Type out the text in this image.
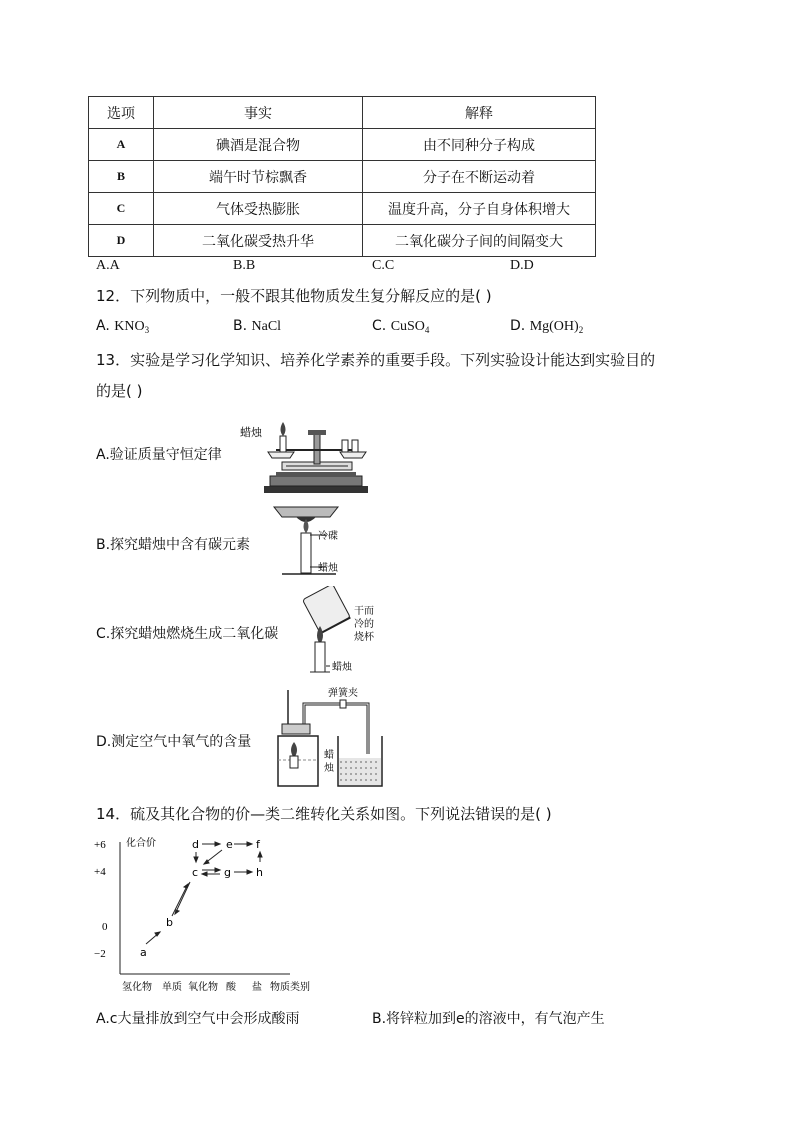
选项	事实	解释
A	碘酒是混合物	由不同种分子构成
B	端午时节棕飘香	分子在不断运动着
C	气体受热膨胀	温度升高，分子自身体积增大
D	二氧化碳受热升华	二氧化碳分子间的间隔变大
A.A	B.B	C.C	D.D
12．下列物质中，一般不跟其他物质发生复分解反应的是( )
A. $KNO_3$	B. NaCl	C. CuSO$_4$	D. $Mg(OH)_2$
13．实验是学习化学知识、培养化学素养的重要手段。下列实验设计能达到实验目的
的是( )
A.验证质量守恒定律
B.探究蜡烛中含有碳元素
C.探究蜡烛燃烧生成二氧化碳
D.测定空气中氧气的含量
蜡烛
冷碟
蜡烛
干而
冷的
烧杯
蜡烛
弹簧夹
蜡
烛
14．硫及其化合物的价—类二维转化关系如图。下列说法错误的是( )
化合价
+6
+4
0
−2
氢化物 单质 氧化物 酸 盐 物质类别
a
b
c
d e f
g h
A.c大量排放到空气中会形成酸雨	B.将锌粒加到e的溶液中，有气泡产生
